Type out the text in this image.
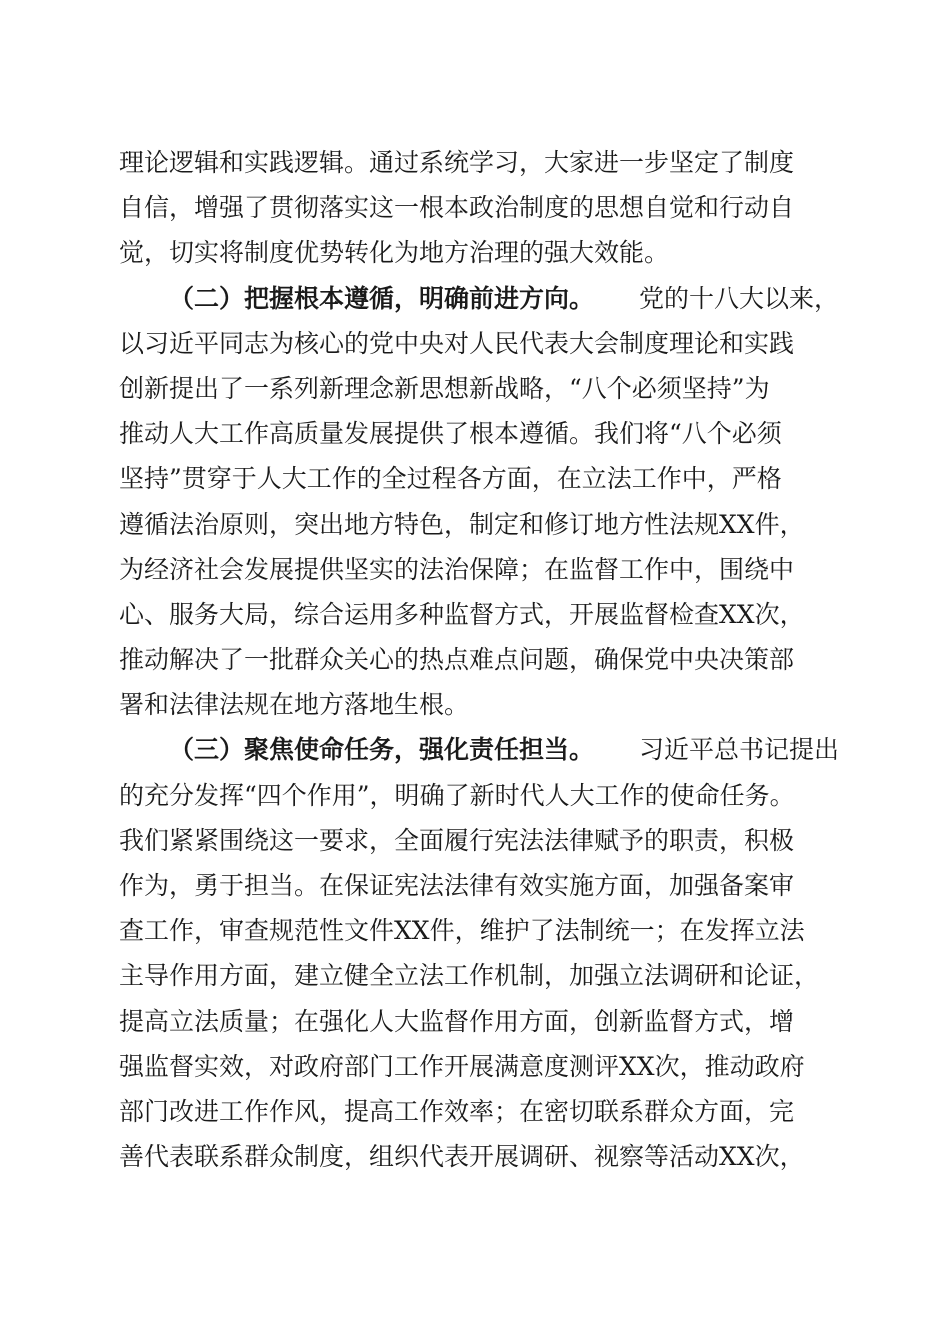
理论逻辑和实践逻辑。通过系统学习，大家进一步坚定了制度
自信，增强了贯彻落实这一根本政治制度的思想自觉和行动自
觉，切实将制度优势转化为地方治理的强大效能。
（二）把握根本遵循，明确前进方向。 党的十八大以来，
以习近平同志为核心的党中央对人民代表大会制度理论和实践
创新提出了一系列新理念新思想新战略，“八个必须坚持”为
推动人大工作高质量发展提供了根本遵循。我们将“八个必须
坚持”贯穿于人大工作的全过程各方面，在立法工作中，严格
遵循法治原则，突出地方特色，制定和修订地方性法规XX件，
为经济社会发展提供坚实的法治保障；在监督工作中，围绕中
心、服务大局，综合运用多种监督方式，开展监督检查XX次，
推动解决了一批群众关心的热点难点问题，确保党中央决策部
署和法律法规在地方落地生根。
（三）聚焦使命任务，强化责任担当。 习近平总书记提出
的充分发挥“四个作用”，明确了新时代人大工作的使命任务。
我们紧紧围绕这一要求，全面履行宪法法律赋予的职责，积极
作为，勇于担当。在保证宪法法律有效实施方面，加强备案审
查工作，审查规范性文件XX件，维护了法制统一；在发挥立法
主导作用方面，建立健全立法工作机制，加强立法调研和论证，
提高立法质量；在强化人大监督作用方面，创新监督方式，增
强监督实效，对政府部门工作开展满意度测评XX次，推动政府
部门改进工作作风，提高工作效率；在密切联系群众方面，完
善代表联系群众制度，组织代表开展调研、视察等活动XX次，
